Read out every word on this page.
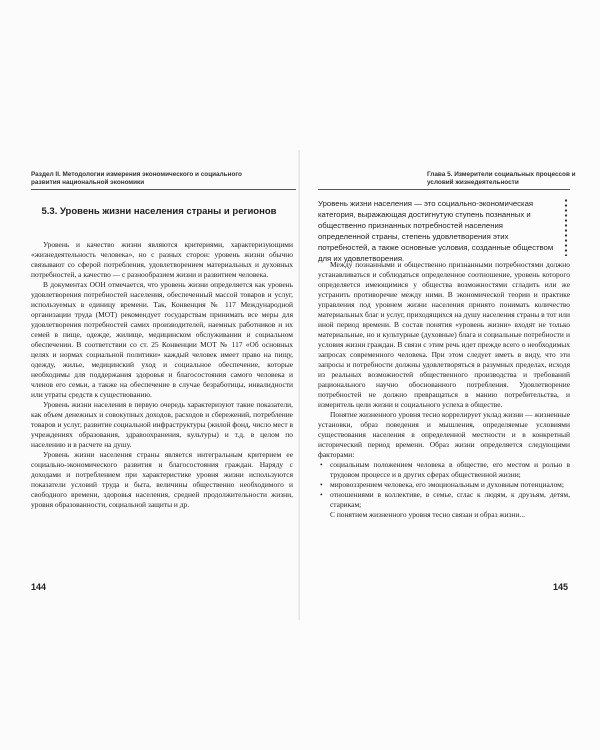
Раздел II. Методологии измерения экономического и социального развития национальной экономики
5.3. Уровень жизни населения страны и регионов

Уровень и качество жизни являются критериями, характеризующими «жизнедеятельность человека», но с разных сторон: уровень жизни обычно связывают со сферой потребления, удовлетворением материальных и духовных потребностей, а качество — с разнообразием жизни и развитием человека.

В документах ООН отмечается, что уровень жизни определяется как уровень удовлетворения потребностей населения, обеспеченный массой товаров и услуг, используемых в единицу времени. Так, Конвенция № 117 Международной организации труда (МОТ) рекомендует государствам принимать все меры для удовлетворения потребностей самих производителей, наемных работников и их семей в пище, одежде, жилище, медицинском обслуживании и социальном обеспечении. В соответствии со ст. 25 Конвенции МОТ № 117 «Об основных целях и нормах социальной политики» каждый человек имеет право на пищу, одежду, жилье, медицинский уход и социальное обеспечение, которые необходимы для поддержания здоровья и благосостояния самого человека и членов его семьи, а также на обеспечение в случае безработицы, инвалидности или утраты средств к существованию.

Уровень жизни населения в первую очередь характеризуют такие показатели, как объем денежных и совокупных доходов, расходов и сбережений, потребление товаров и услуг, развитие социальной инфраструктуры (жилой фонд, число мест в учреждениях образования, здравоохранения, культуры) и т.д. в целом по населению и в расчете на душу.

Уровень жизни населения страны является интегральным критерием ее социально-экономического развития и благосостояния граждан. Наряду с доходами и потреблением при характеристике уровня жизни используются показатели условий труда и быта, величины общественно необходимого и свободного времени, здоровья населения, средней продолжительности жизни, уровня образованности, социальной защиты и др.

144
Глава 5. Измерители социальных процессов и условий жизнедеятельности
Уровень жизни населения — это социально-экономическая категория, выражающая достигнутую ступень познанных и общественно признанных потребностей населения определенной страны, степень удовлетворения этих потребностей, а также основные условия, созданные обществом для их удовлетворения.

Между познанными и общественно признанными потребностями должно устанавливаться и соблюдаться определенное соотношение, уровень которого определяется имеющимися у общества возможностями сгладить или же устранить противоречие между ними. В экономической теории и практике управления под уровнем жизни населения принято понимать количество материальных благ и услуг, приходящихся на душу населения страны в тот или иной период времени. В состав понятия «уровень жизни» входят не только материальные, но и культурные (духовные) блага и социальные потребности и условия жизни граждан. В связи с этим речь идет прежде всего о необходимых запросах современного человека. При этом следует иметь в виду, что эти запросы и потребности должны удовлетворяться в разумных пределах, исходя из реальных возможностей общественного производства и требований рационального научно обоснованного потребления. Удовлетворение потребностей не должно превращаться в манию потребительства, и измеритель цели жизни и социального успеха в обществе.

Понятие жизненного уровня тесно коррелирует уклад жизни — жизненные установки, образ поведения и мышления, определяемые условиями существования населения в определенной местности и в конкретный исторический период времени. Образ жизни определяется следующими факторами:

• социальным положением человека в обществе, его местом и ролью в трудовом процессе и в других сферах общественной жизни;
• мировоззрением человека, его эмоциональным и духовным потенциалом;
• отношениями в коллективе, в семье, сглас к людям, к друзьям, детям, старикам;

С понятием жизненного уровня тесно связан и образ жизни...

145
